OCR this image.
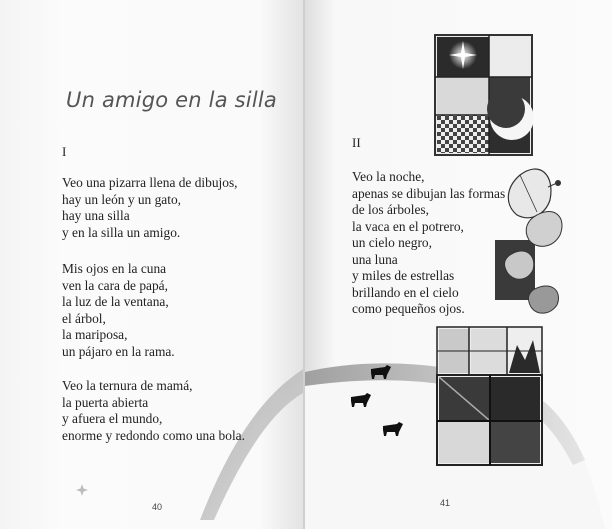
Un amigo en la silla
I
Veo una pizarra llena de dibujos,
hay un león y un gato,
hay una silla
y en la silla un amigo.
Mis ojos en la cuna
ven la cara de papá,
la luz de la ventana,
el árbol,
la mariposa,
un pájaro en la rama.
Veo la ternura de mamá,
la puerta abierta
y afuera el mundo,
enorme y redondo como una bola.
40
II
Veo la noche,
apenas se dibujan las formas
de los árboles,
la vaca en el potrero,
un cielo negro,
una luna
y miles de estrellas
brillando en el cielo
como pequeños ojos.
41
